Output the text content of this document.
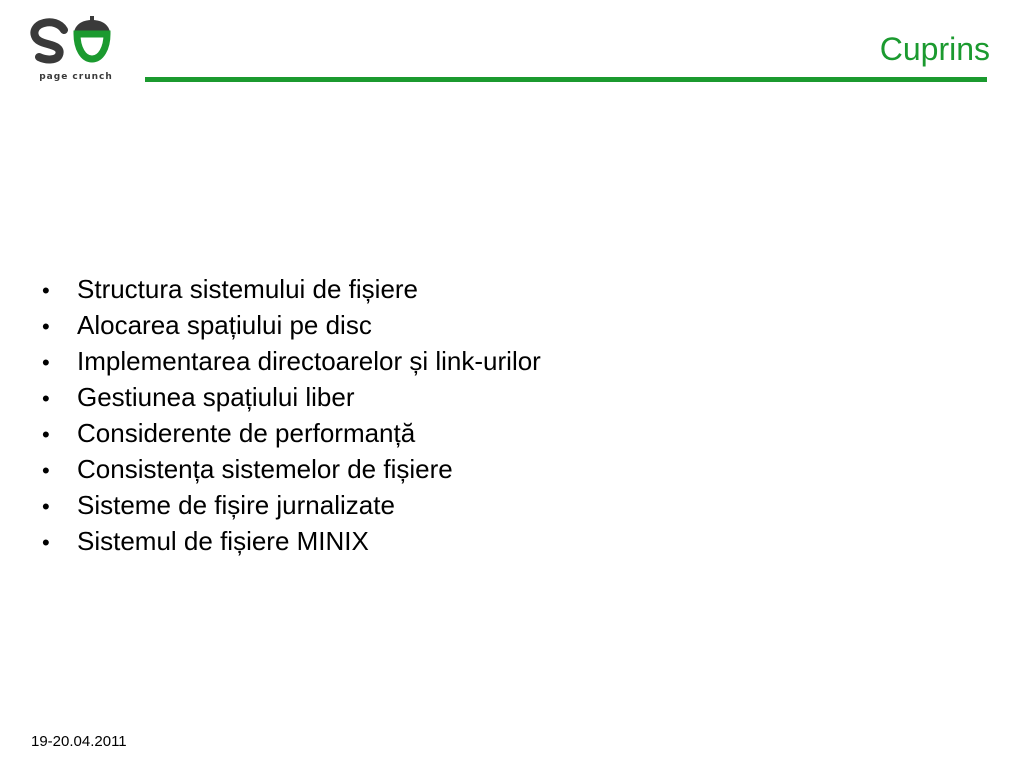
page crunch
Cuprins
•	Structura sistemului de fișiere
•	Alocarea spațiului pe disc
•	Implementarea directoarelor și link-urilor
•	Gestiunea spațiului liber
•	Considerente de performanță
•	Consistența sistemelor de fișiere
•	Sisteme de fișire jurnalizate
•	Sistemul de fișiere MINIX
19-20.04.2011
